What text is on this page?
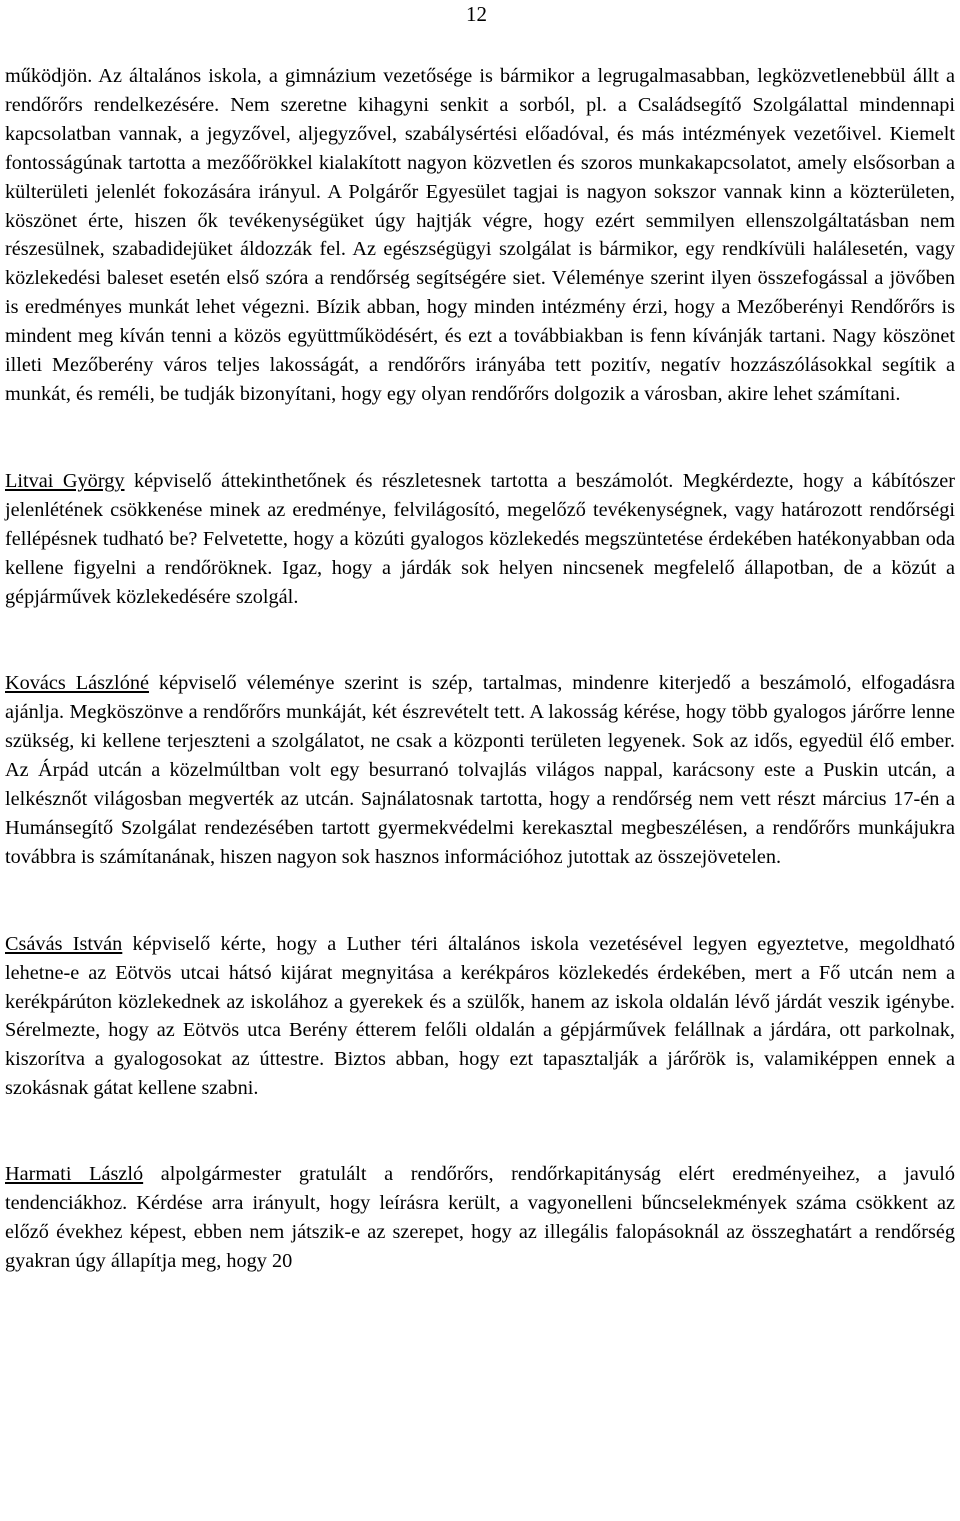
12

működjön. Az általános iskola, a gimnázium vezetősége is bármikor a legrugalmasabban, legközvetlenebbül állt a rendőrőrs rendelkezésére. Nem szeretne kihagyni senkit a sorból, pl. a Családsegítő Szolgálattal mindennapi kapcsolatban vannak, a jegyzővel, aljegyzővel, szabálysértési előadóval, és más intézmények vezetőivel. Kiemelt fontosságúnak tartotta a mezőőrökkel kialakított nagyon közvetlen és szoros munkakapcsolatot, amely elsősorban a külterületi jelenlét fokozására irányul. A Polgárőr Egyesület tagjai is nagyon sokszor vannak kinn a közterületen, köszönet érte, hiszen ők tevékenységüket úgy hajtják végre, hogy ezért semmilyen ellenszolgáltatásban nem részesülnek, szabadidejüket áldozzák fel. Az egészségügyi szolgálat is bármikor, egy rendkívüli halálesetén, vagy közlekedési baleset esetén első szóra a rendőrség segítségére siet. Véleménye szerint ilyen összefogással a jövőben is eredményes munkát lehet végezni. Bízik abban, hogy minden intézmény érzi, hogy a Mezőberényi Rendőrőrs is mindent meg kíván tenni a közös együttműködésért, és ezt a továbbiakban is fenn kívánják tartani. Nagy köszönet illeti Mezőberény város teljes lakosságát, a rendőrőrs irányába tett pozitív, negatív hozzászólásokkal segítik a munkát, és reméli, be tudják bizonyítani, hogy egy olyan rendőrőrs dolgozik a városban, akire lehet számítani.

Litvai György képviselő áttekinthetőnek és részletesnek tartotta a beszámolót. Megkérdezte, hogy a kábítószer jelenlétének csökkenése minek az eredménye, felvilágosító, megelőző tevékenységnek, vagy határozott rendőrségi fellépésnek tudható be? Felvetette, hogy a közúti gyalogos közlekedés megszüntetése érdekében hatékonyabban oda kellene figyelni a rendőröknek. Igaz, hogy a járdák sok helyen nincsenek megfelelő állapotban, de a közút a gépjárművek közlekedésére szolgál.

Kovács Lászlóné képviselő véleménye szerint is szép, tartalmas, mindenre kiterjedő a beszámoló, elfogadásra ajánlja. Megköszönve a rendőrőrs munkáját, két észrevételt tett. A lakosság kérése, hogy több gyalogos járőrre lenne szükség, ki kellene terjeszteni a szolgálatot, ne csak a központi területen legyenek. Sok az idős, egyedül élő ember. Az Árpád utcán a közelmúltban volt egy besurranó tolvajlás világos nappal, karácsony este a Puskin utcán, a lelkésznőt világosban megverték az utcán. Sajnálatosnak tartotta, hogy a rendőrség nem vett részt március 17-én a Humánsegítő Szolgálat rendezésében tartott gyermekvédelmi kerekasztal megbeszélésen, a rendőrőrs munkájukra továbbra is számítanának, hiszen nagyon sok hasznos információhoz jutottak az összejövetelen.

Csávás István képviselő kérte, hogy a Luther téri általános iskola vezetésével legyen egyeztetve, megoldható lehetne-e az Eötvös utcai hátsó kijárat megnyitása a kerékpáros közlekedés érdekében, mert a Fő utcán nem a kerékpárúton közlekednek az iskolához a gyerekek és a szülők, hanem az iskola oldalán lévő járdát veszik igénybe. Sérelmezte, hogy az Eötvös utca Berény étterem felőli oldalán a gépjárművek felállnak a járdára, ott parkolnak, kiszorítva a gyalogosokat az úttestre. Biztos abban, hogy ezt tapasztalják a járőrök is, valamiképpen ennek a szokásnak gátat kellene szabni.

Harmati László alpolgármester gratulált a rendőrőrs, rendőrkapitányság elért eredményeihez, a javuló tendenciákhoz. Kérdése arra irányult, hogy leírásra került, a vagyonelleni bűncselekmények száma csökkent az előző évekhez képest, ebben nem játszik-e az szerepet, hogy az illegális falopásoknál az összeghatárt a rendőrség gyakran úgy állapítja meg, hogy 20
